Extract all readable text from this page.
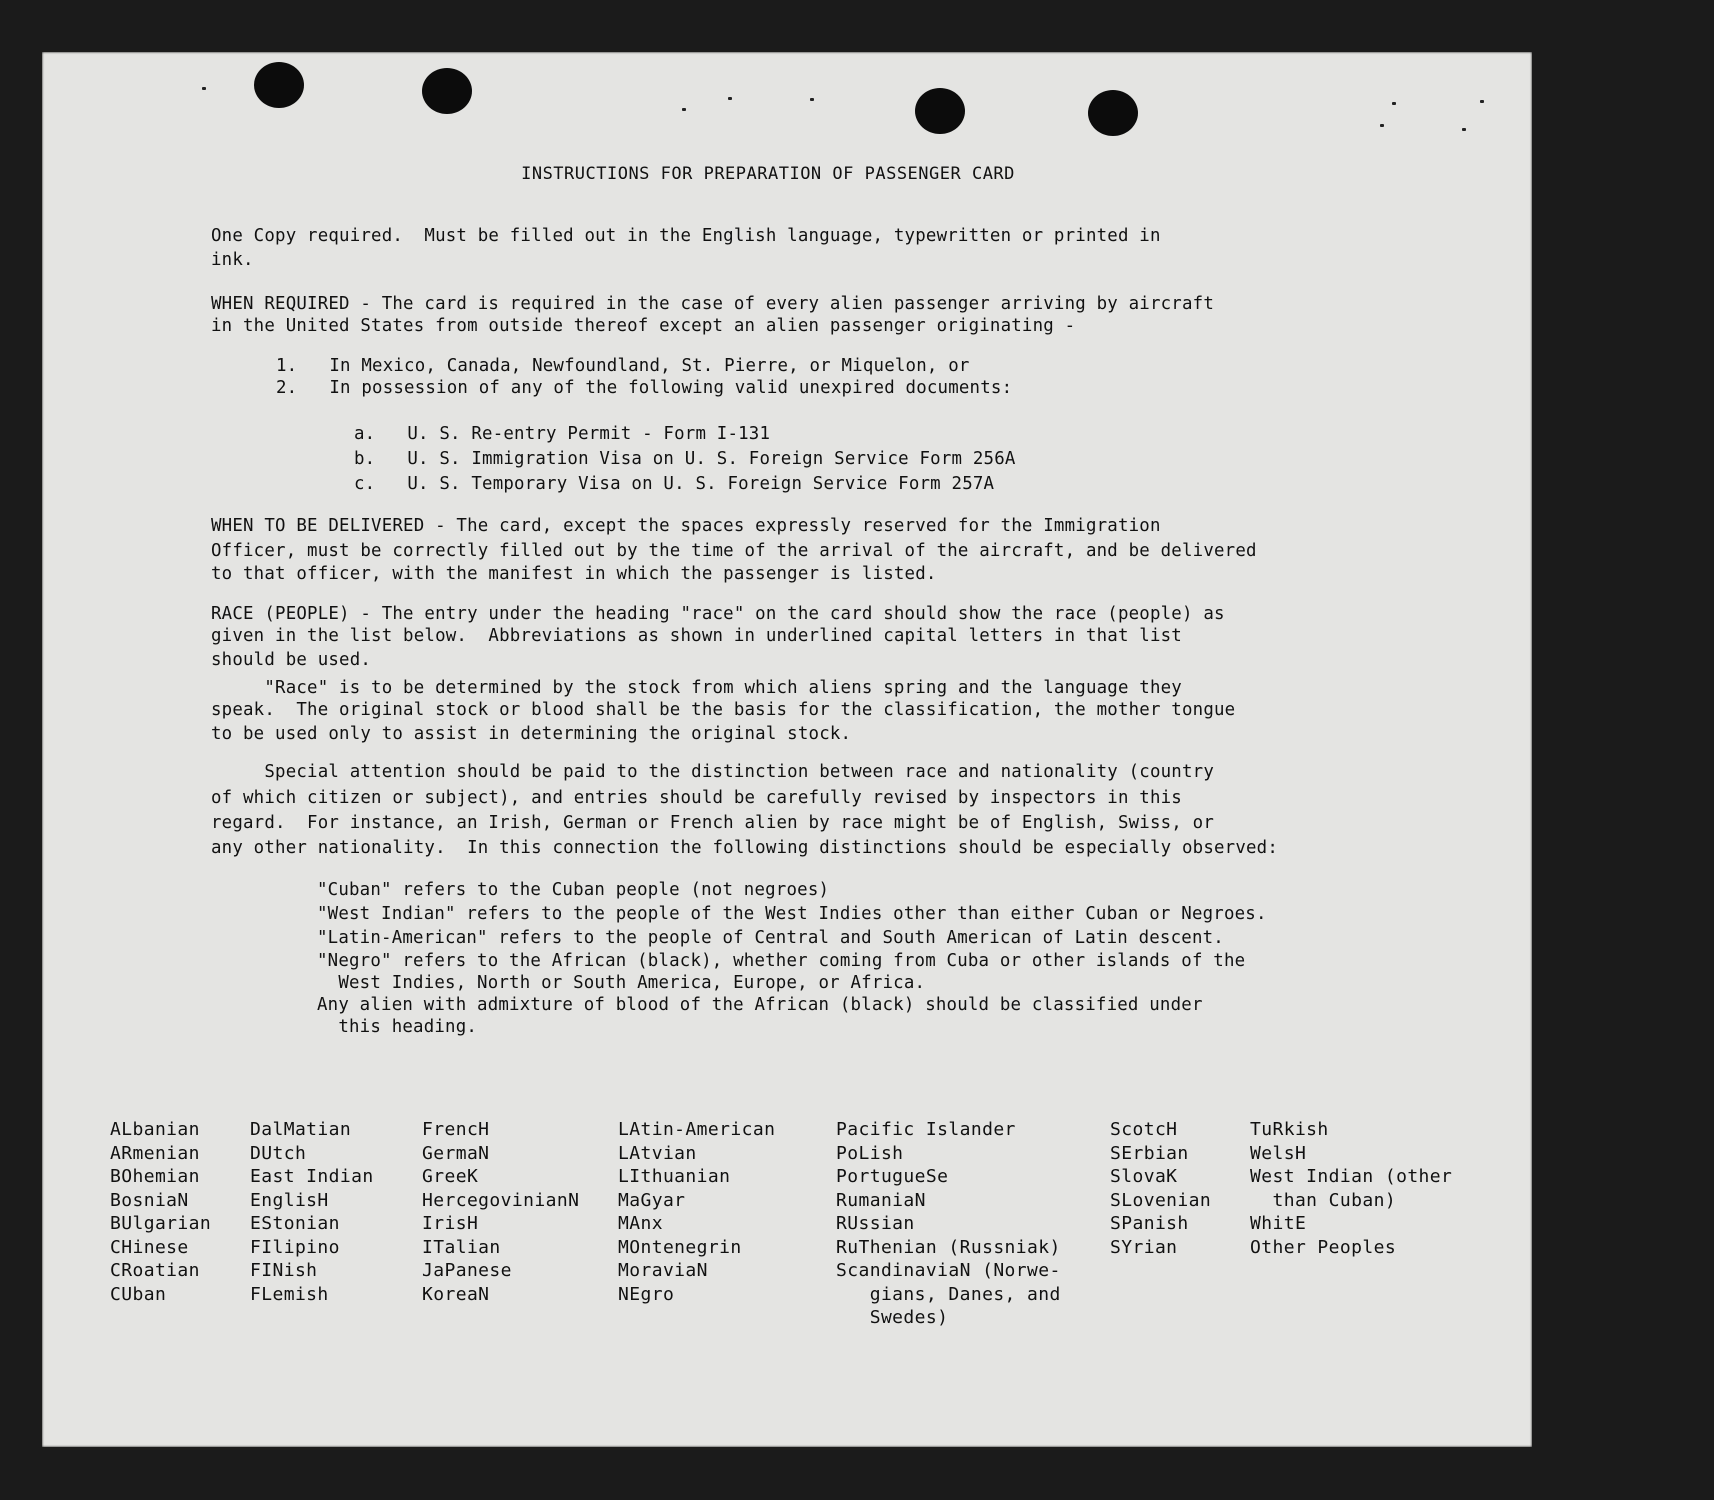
INSTRUCTIONS FOR PREPARATION OF PASSENGER CARD
One Copy required.  Must be filled out in the English language, typewritten or printed in
ink.
WHEN REQUIRED - The card is required in the case of every alien passenger arriving by aircraft
in the United States from outside thereof except an alien passenger originating -
1.   In Mexico, Canada, Newfoundland, St. Pierre, or Miquelon, or
2.   In possession of any of the following valid unexpired documents:
a.   U. S. Re-entry Permit - Form I-131
b.   U. S. Immigration Visa on U. S. Foreign Service Form 256A
c.   U. S. Temporary Visa on U. S. Foreign Service Form 257A
WHEN TO BE DELIVERED - The card, except the spaces expressly reserved for the Immigration
Officer, must be correctly filled out by the time of the arrival of the aircraft, and be delivered
to that officer, with the manifest in which the passenger is listed.
RACE (PEOPLE) - The entry under the heading "race" on the card should show the race (people) as
given in the list below.  Abbreviations as shown in underlined capital letters in that list
should be used.
"Race" is to be determined by the stock from which aliens spring and the language they
speak.  The original stock or blood shall be the basis for the classification, the mother tongue
to be used only to assist in determining the original stock.
Special attention should be paid to the distinction between race and nationality (country
of which citizen or subject), and entries should be carefully revised by inspectors in this
regard.  For instance, an Irish, German or French alien by race might be of English, Swiss, or
any other nationality.  In this connection the following distinctions should be especially observed:
"Cuban" refers to the Cuban people (not negroes)
"West Indian" refers to the people of the West Indies other than either Cuban or Negroes.
"Latin-American" refers to the people of Central and South American of Latin descent.
"Negro" refers to the African (black), whether coming from Cuba or other islands of the
West Indies, North or South America, Europe, or Africa.
Any alien with admixture of blood of the African (black) should be classified under
this heading.
ALbanian
ARmenian
BOhemian
BosniaN
BUlgarian
CHinese
CRoatian
CUban
DalMatian
DUtch
East Indian
EnglisH
EStonian
FIlipino
FINish
FLemish
FrencH
GermaN
GreeK
HercegovinianN
IrisH
ITalian
JaPanese
KoreaN
LAtin-American
LAtvian
LIthuanian
MaGyar
MAnx
MOntenegrin
MoraviaN
NEgro
Pacific Islander
PoLish
PortugueSe
RumaniaN
RUssian
RuThenian (Russniak)
ScandinaviaN (Norwe-
gians, Danes, and
Swedes)
ScotcH
SErbian
SlovaK
SLovenian
SPanish
SYrian
TuRkish
WelsH
West Indian (other
than Cuban)
WhitE
Other Peoples
